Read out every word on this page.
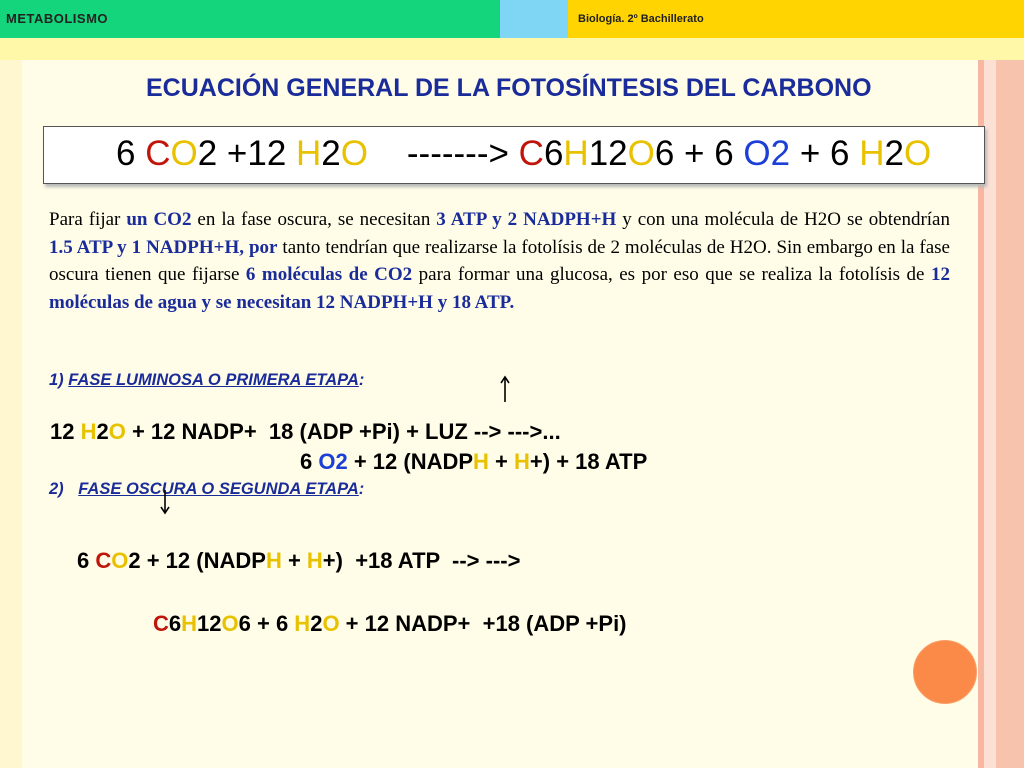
METABOLISMO	Biología. 2º Bachillerato
ECUACIÓN GENERAL DE LA FOTOSÍNTESIS DEL CARBONO
6 CO2 +12 H2O    -------> C6H12O6 + 6 O2 + 6 H2O
Para fijar un CO2 en la fase oscura, se necesitan 3 ATP y 2 NADPH+H y con una molécula de H2O se obtendrían 1.5 ATP y 1 NADPH+H, por tanto tendrían que realizarse la fotolísis de 2 moléculas de H2O. Sin embargo en la fase oscura tienen que fijarse 6 moléculas de CO2 para formar una glucosa, es por eso que se realiza la fotolísis de 12 moléculas de agua y se necesitan 12 NADPH+H y 18 ATP.
1) FASE LUMINOSA O PRIMERA ETAPA:
12 H2O + 12 NADP+  18 (ADP +Pi) + LUZ --> --->...
6 O2 + 12 (NADPH + H+) + 18 ATP
2) FASE OSCURA O SEGUNDA ETAPA:
6 CO2 + 12 (NADPH + H+)  +18 ATP  --> --->
C6H12O6 + 6 H2O + 12 NADP+  +18 (ADP +Pi)
